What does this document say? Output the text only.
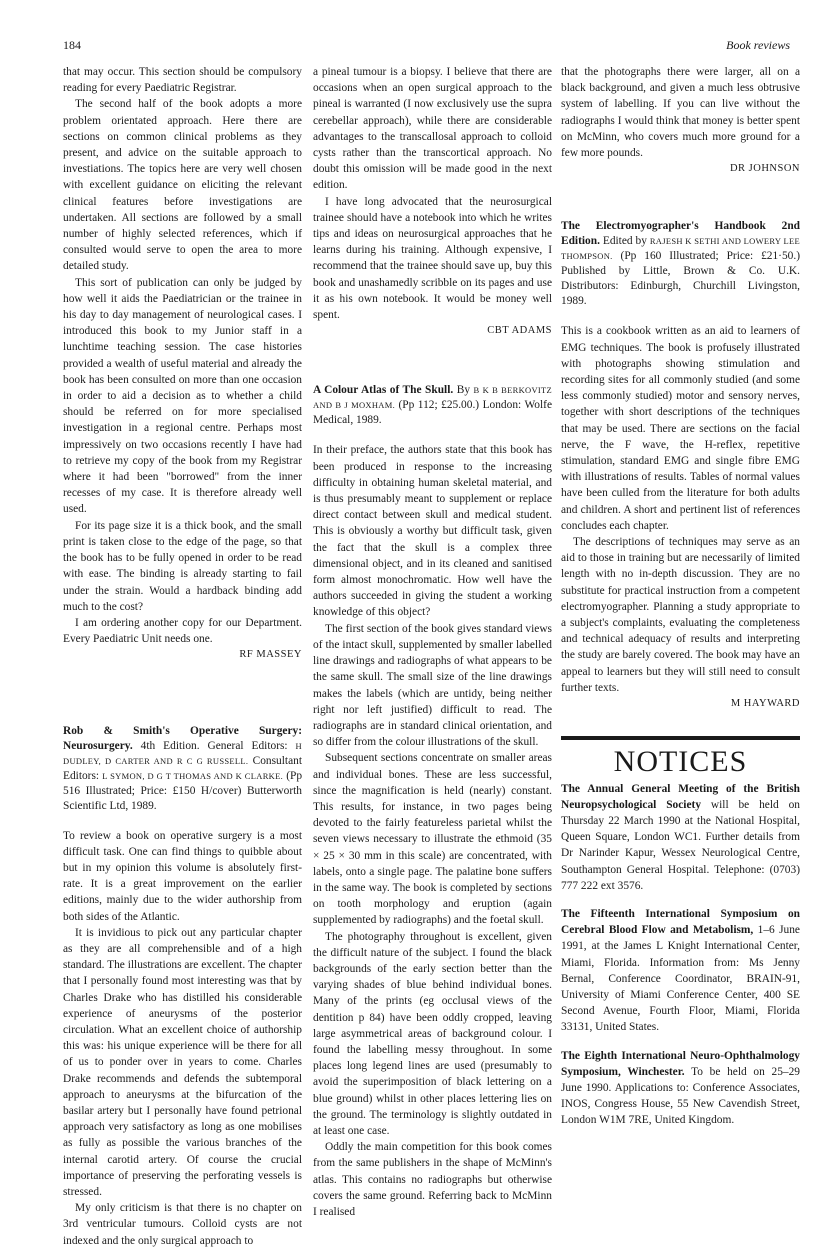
184	Book reviews

that may occur. This section should be compulsory reading for every Paediatric Registrar.

The second half of the book adopts a more problem orientated approach. Here there are sections on common clinical problems as they present, and advice on the suitable approach to investiations. The topics here are very well chosen with excellent guidance on eliciting the relevant clinical features before investigations are undertaken. All sections are followed by a small number of highly selected references, which if consulted would serve to open the area to more detailed study.

This sort of publication can only be judged by how well it aids the Paediatrician or the trainee in his day to day management of neurological cases. I introduced this book to my Junior staff in a lunchtime teaching session. The case histories provided a wealth of useful material and already the book has been consulted on more than one occasion in order to aid a decision as to whether a child should be referred on for more specialised investigation in a regional centre. Perhaps most impressively on two occasions recently I have had to retrieve my copy of the book from my Registrar where it had been "borrowed" from the inner recesses of my case. It is therefore already well used.

For its page size it is a thick book, and the small print is taken close to the edge of the page, so that the book has to be fully opened in order to be read with ease. The binding is already starting to fail under the strain. Would a hardback binding add much to the cost?

I am ordering another copy for our Department. Every Paediatric Unit needs one.

RF MASSEY

Rob & Smith's Operative Surgery: Neurosurgery. 4th Edition. General Editors: H DUDLEY, D CARTER AND R C G RUSSELL. Consultant Editors: L SYMON, D G T THOMAS AND K CLARKE. (Pp 516 Illustrated; Price: £150 H/cover) Butterworth Scientific Ltd, 1989.

To review a book on operative surgery is a most difficult task. One can find things to quibble about but in my opinion this volume is absolutely first-rate. It is a great improvement on the earlier editions, mainly due to the wider authorship from both sides of the Atlantic.

It is invidious to pick out any particular chapter as they are all comprehensible and of a high standard. The illustrations are excellent. The chapter that I personally found most interesting was that by Charles Drake who has distilled his considerable experience of aneurysms of the posterior circulation. What an excellent choice of authorship this was: his unique experience will be there for all of us to ponder over in years to come. Charles Drake recommends and defends the subtemporal approach to aneurysms at the bifurcation of the basilar artery but I personally have found petrional approach very satisfactory as long as one mobilises as fully as possible the various branches of the internal carotid artery. Of course the crucial importance of preserving the perforating vessels is stressed.

My only criticism is that there is no chapter on 3rd ventricular tumours. Colloid cysts are not indexed and the only surgical approach to

a pineal tumour is a biopsy. I believe that there are occasions when an open surgical approach to the pineal is warranted (I now exclusively use the supra cerebellar approach), while there are considerable advantages to the transcallosal approach to colloid cysts rather than the transcortical approach. No doubt this omission will be made good in the next edition.

I have long advocated that the neurosurgical trainee should have a notebook into which he writes tips and ideas on neurosurgical approaches that he learns during his training. Although expensive, I recommend that the trainee should save up, buy this book and unashamedly scribble on its pages and use it as his own notebook. It would be money well spent.

CBT ADAMS

A Colour Atlas of The Skull. By B K B BERKOVITZ AND B J MOXHAM. (Pp 112; £25.00.) London: Wolfe Medical, 1989.

In their preface, the authors state that this book has been produced in response to the increasing difficulty in obtaining human skeletal material, and is thus presumably meant to supplement or replace direct contact between skull and medical student. This is obviously a worthy but difficult task, given the fact that the skull is a complex three dimensional object, and in its cleaned and sanitised form almost monochromatic. How well have the authors succeeded in giving the student a working knowledge of this object?

The first section of the book gives standard views of the intact skull, supplemented by smaller labelled line drawings and radiographs of what appears to be the same skull. The small size of the line drawings makes the labels (which are untidy, being neither right nor left justified) difficult to read. The radiographs are in standard clinical orientation, and so differ from the colour illustrations of the skull.

Subsequent sections concentrate on smaller areas and individual bones. These are less successful, since the magnification is held (nearly) constant. This results, for instance, in two pages being devoted to the fairly featureless parietal whilst the seven views necessary to illustrate the ethmoid (35 × 25 × 30 mm in this scale) are concentrated, with labels, onto a single page. The palatine bone suffers in the same way. The book is completed by sections on tooth morphology and eruption (again supplemented by radiographs) and the foetal skull.

The photography throughout is excellent, given the difficult nature of the subject. I found the black backgrounds of the early section better than the varying shades of blue behind individual bones. Many of the prints (eg occlusal views of the dentition p 84) have been oddly cropped, leaving large asymmetrical areas of background colour. I found the labelling messy throughout. In some places long legend lines are used (presumably to avoid the superimposition of black lettering on a blue ground) whilst in other places lettering lies on the ground. The terminology is slightly outdated in at least one case.

Oddly the main competition for this book comes from the same publishers in the shape of McMinn's atlas. This contains no radiographs but otherwise covers the same ground. Referring back to McMinn I realised

that the photographs there were larger, all on a black background, and given a much less obtrusive system of labelling. If you can live without the radiographs I would think that money is better spent on McMinn, who covers much more ground for a few more pounds.

DR JOHNSON

The Electromyographer's Handbook 2nd Edition. Edited by RAJESH K SETHI AND LOWERY LEE THOMPSON. (Pp 160 Illustrated; Price: £21·50.) Published by Little, Brown & Co. U.K. Distributors: Edinburgh, Churchill Livingston, 1989.

This is a cookbook written as an aid to learners of EMG techniques. The book is profusely illustrated with photographs showing stimulation and recording sites for all commonly studied (and some less commonly studied) motor and sensory nerves, together with short descriptions of the techniques that may be used. There are sections on the facial nerve, the F wave, the H-reflex, repetitive stimulation, standard EMG and single fibre EMG with illustrations of results. Tables of normal values have been culled from the literature for both adults and children. A short and pertinent list of references concludes each chapter.

The descriptions of techniques may serve as an aid to those in training but are necessarily of limited length with no in-depth discussion. They are no substitute for practical instruction from a competent electromyographer. Planning a study appropriate to a subject's complaints, evaluating the completeness and technical adequacy of results and interpreting the study are barely covered. The book may have an appeal to learners but they will still need to consult further texts.

M HAYWARD
NOTICES

The Annual General Meeting of the British Neuropsychological Society will be held on Thursday 22 March 1990 at the National Hospital, Queen Square, London WC1. Further details from Dr Narinder Kapur, Wessex Neurological Centre, Southampton General Hospital. Telephone: (0703) 777 222 ext 3576.

The Fifteenth International Symposium on Cerebral Blood Flow and Metabolism, 1–6 June 1991, at the James L Knight International Center, Miami, Florida. Information from: Ms Jenny Bernal, Conference Coordinator, BRAIN-91, University of Miami Conference Center, 400 SE Second Avenue, Fourth Floor, Miami, Florida 33131, United States.

The Eighth International Neuro-Ophthalmology Symposium, Winchester. To be held on 25–29 June 1990. Applications to: Conference Associates, INOS, Congress House, 55 New Cavendish Street, London W1M 7RE, United Kingdom.
